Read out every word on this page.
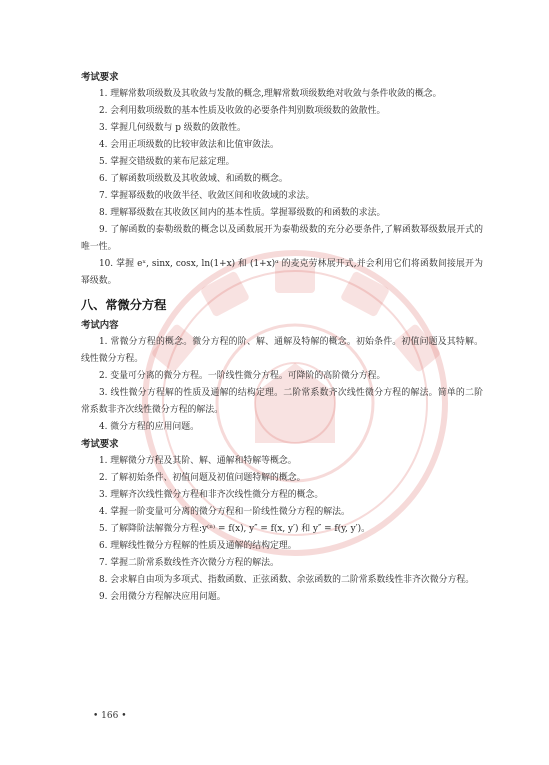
考试要求

1. 理解常数项级数及其收敛与发散的概念,理解常数项级数绝对收敛与条件收敛的概念。

2. 会利用数项级数的基本性质及收敛的必要条件判别数项级数的敛散性。

3. 掌握几何级数与 p 级数的敛散性。

4. 会用正项级数的比较审敛法和比值审敛法。

5. 掌握交错级数的莱布尼兹定理。

6. 了解函数项级数及其收敛域、和函数的概念。

7. 掌握幂级数的收敛半径、收敛区间和收敛域的求法。

8. 理解幂级数在其收敛区间内的基本性质。掌握幂级数的和函数的求法。

9. 了解函数的泰勒级数的概念以及函数展开为泰勒级数的充分必要条件,了解函数幂级数展开式的唯一性。

10. 掌握 eˣ, sinx, cosx, ln(1+x) 和 (1+x)ᵅ 的麦克劳林展开式,并会利用它们将函数间接展开为幂级数。

八、常微分方程
考试内容

1. 常微分方程的概念。微分方程的阶、解、通解及特解的概念。初始条件。初值问题及其特解。线性微分方程。

2. 变量可分离的微分方程。一阶线性微分方程。可降阶的高阶微分方程。

3. 线性微分方程解的性质及通解的结构定理。二阶常系数齐次线性微分方程的解法。简单的二阶常系数非齐次线性微分方程的解法。

4. 微分方程的应用问题。

考试要求

1. 理解微分方程及其阶、解、通解和特解等概念。

2. 了解初始条件、初值问题及初值问题特解的概念。

3. 理解齐次线性微分方程和非齐次线性微分方程的概念。

4. 掌握一阶变量可分离的微分方程和一阶线性微分方程的解法。

5. 了解降阶法解微分方程:y⁽ⁿ⁾ = f(x), y″ = f(x, y′) 和 y″ = f(y, y′)。

6. 理解线性微分方程解的性质及通解的结构定理。

7. 掌握二阶常系数线性齐次微分方程的解法。

8. 会求解自由项为多项式、指数函数、正弦函数、余弦函数的二阶常系数线性非齐次微分方程。

9. 会用微分方程解决应用问题。

• 166 •
